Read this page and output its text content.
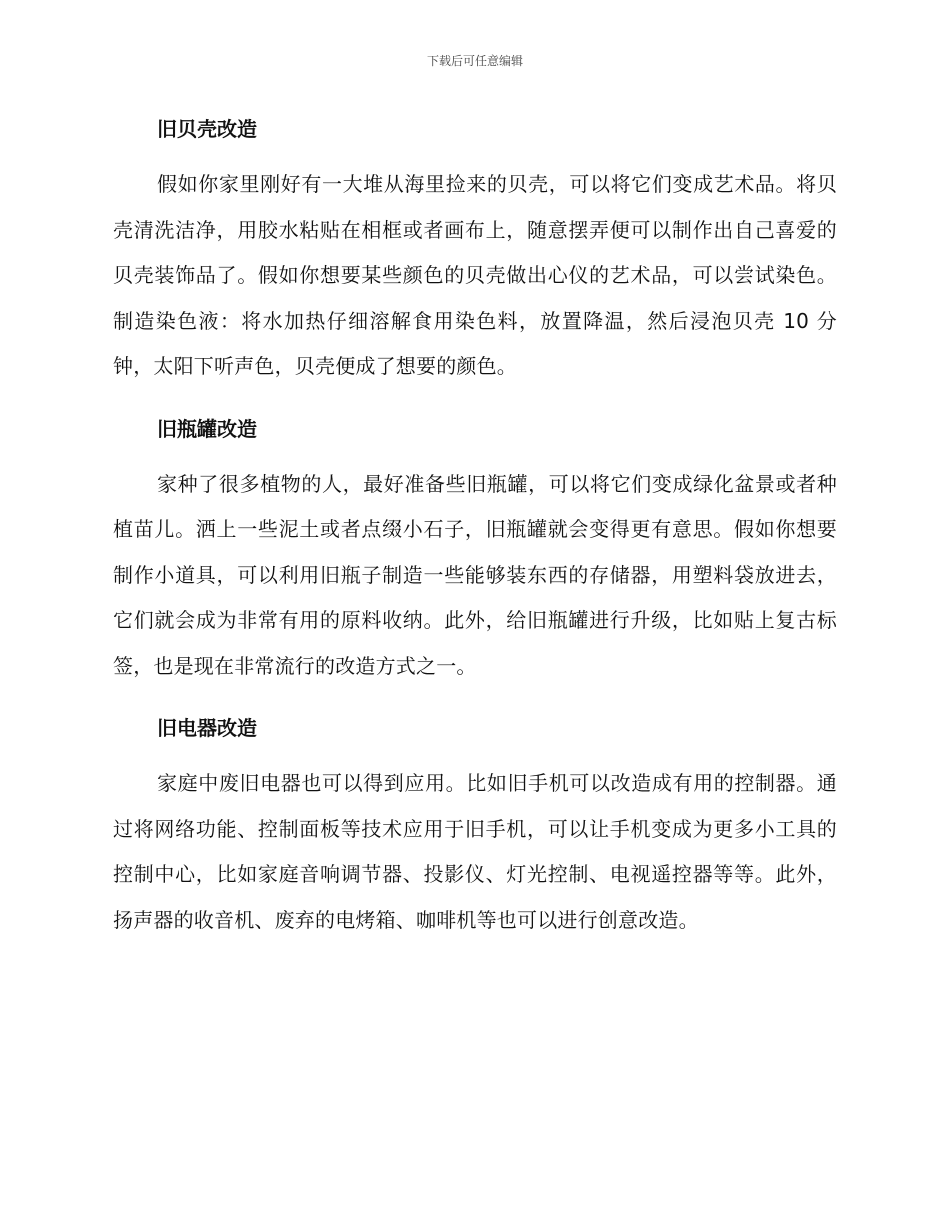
下载后可任意编辑
旧贝壳改造
假如你家里刚好有一大堆从海里捡来的贝壳，可以将它们变成艺术品。将贝壳清洗洁净，用胶水粘贴在相框或者画布上，随意摆弄便可以制作出自己喜爱的贝壳装饰品了。假如你想要某些颜色的贝壳做出心仪的艺术品，可以尝试染色。制造染色液：将水加热仔细溶解食用染色料，放置降温，然后浸泡贝壳 10 分钟，太阳下听声色，贝壳便成了想要的颜色。
旧瓶罐改造
家种了很多植物的人，最好准备些旧瓶罐，可以将它们变成绿化盆景或者种植苗儿。洒上一些泥土或者点缀小石子，旧瓶罐就会变得更有意思。假如你想要制作小道具，可以利用旧瓶子制造一些能够装东西的存储器，用塑料袋放进去，它们就会成为非常有用的原料收纳。此外，给旧瓶罐进行升级，比如贴上复古标签，也是现在非常流行的改造方式之一。
旧电器改造
家庭中废旧电器也可以得到应用。比如旧手机可以改造成有用的控制器。通过将网络功能、控制面板等技术应用于旧手机，可以让手机变成为更多小工具的控制中心，比如家庭音响调节器、投影仪、灯光控制、电视遥控器等等。此外，扬声器的收音机、废弃的电烤箱、咖啡机等也可以进行创意改造。
